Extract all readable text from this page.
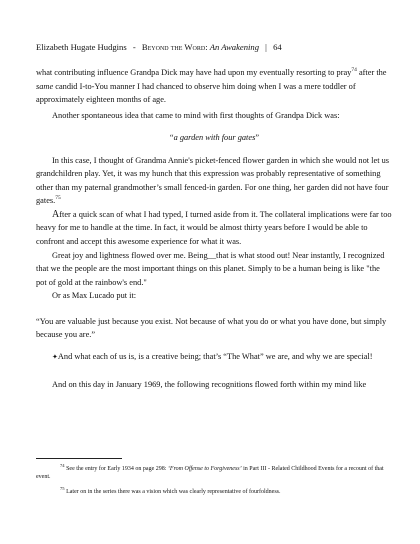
Elizabeth Hugate Hudgins - Beyond the Word: An Awakening | 64

what contributing influence Grandpa Dick may have had upon my eventually resorting to pray$^{74}$ after the same candid I-to-You manner I had chanced to observe him doing when I was a mere toddler of approximately eighteen months of age.

Another spontaneous idea that came to mind with first thoughts of Grandpa Dick was:

“a garden with four gates”

In this case, I thought of Grandma Annie's picket-fenced flower garden in which she would not let us grandchildren play. Yet, it was my hunch that this expression was probably representative of something other than my paternal grandmother’s small fenced-in garden. For one thing, her garden did not have four gates.$^{75}$

After a quick scan of what I had typed, I turned aside from it. The collateral implications were far too heavy for me to handle at the time. In fact, it would be almost thirty years before I would be able to confront and accept this awesome experience for what it was.

Great joy and lightness flowed over me. Being__that is what stood out! Near instantly, I recognized that we the people are the most important things on this planet. Simply to be a human being is like "the pot of gold at the rainbow's end."

Or as Max Lucado put it:

“You are valuable just because you exist. Not because of what you do or what you have done, but simply because you are.”

✦And what each of us is, is a creative being; that’s “The What” we are, and why we are special!

And on this day in January 1969, the following recognitions flowed forth within my mind like

$^{74}$ See the entry for Early 1934 on page 298: ‘From Offense to Forgiveness’ in Part III - Related Childhood Events for a recount of that event.
$^{75}$ Later on in the series there was a vision which was clearly representative of fourfoldness.
